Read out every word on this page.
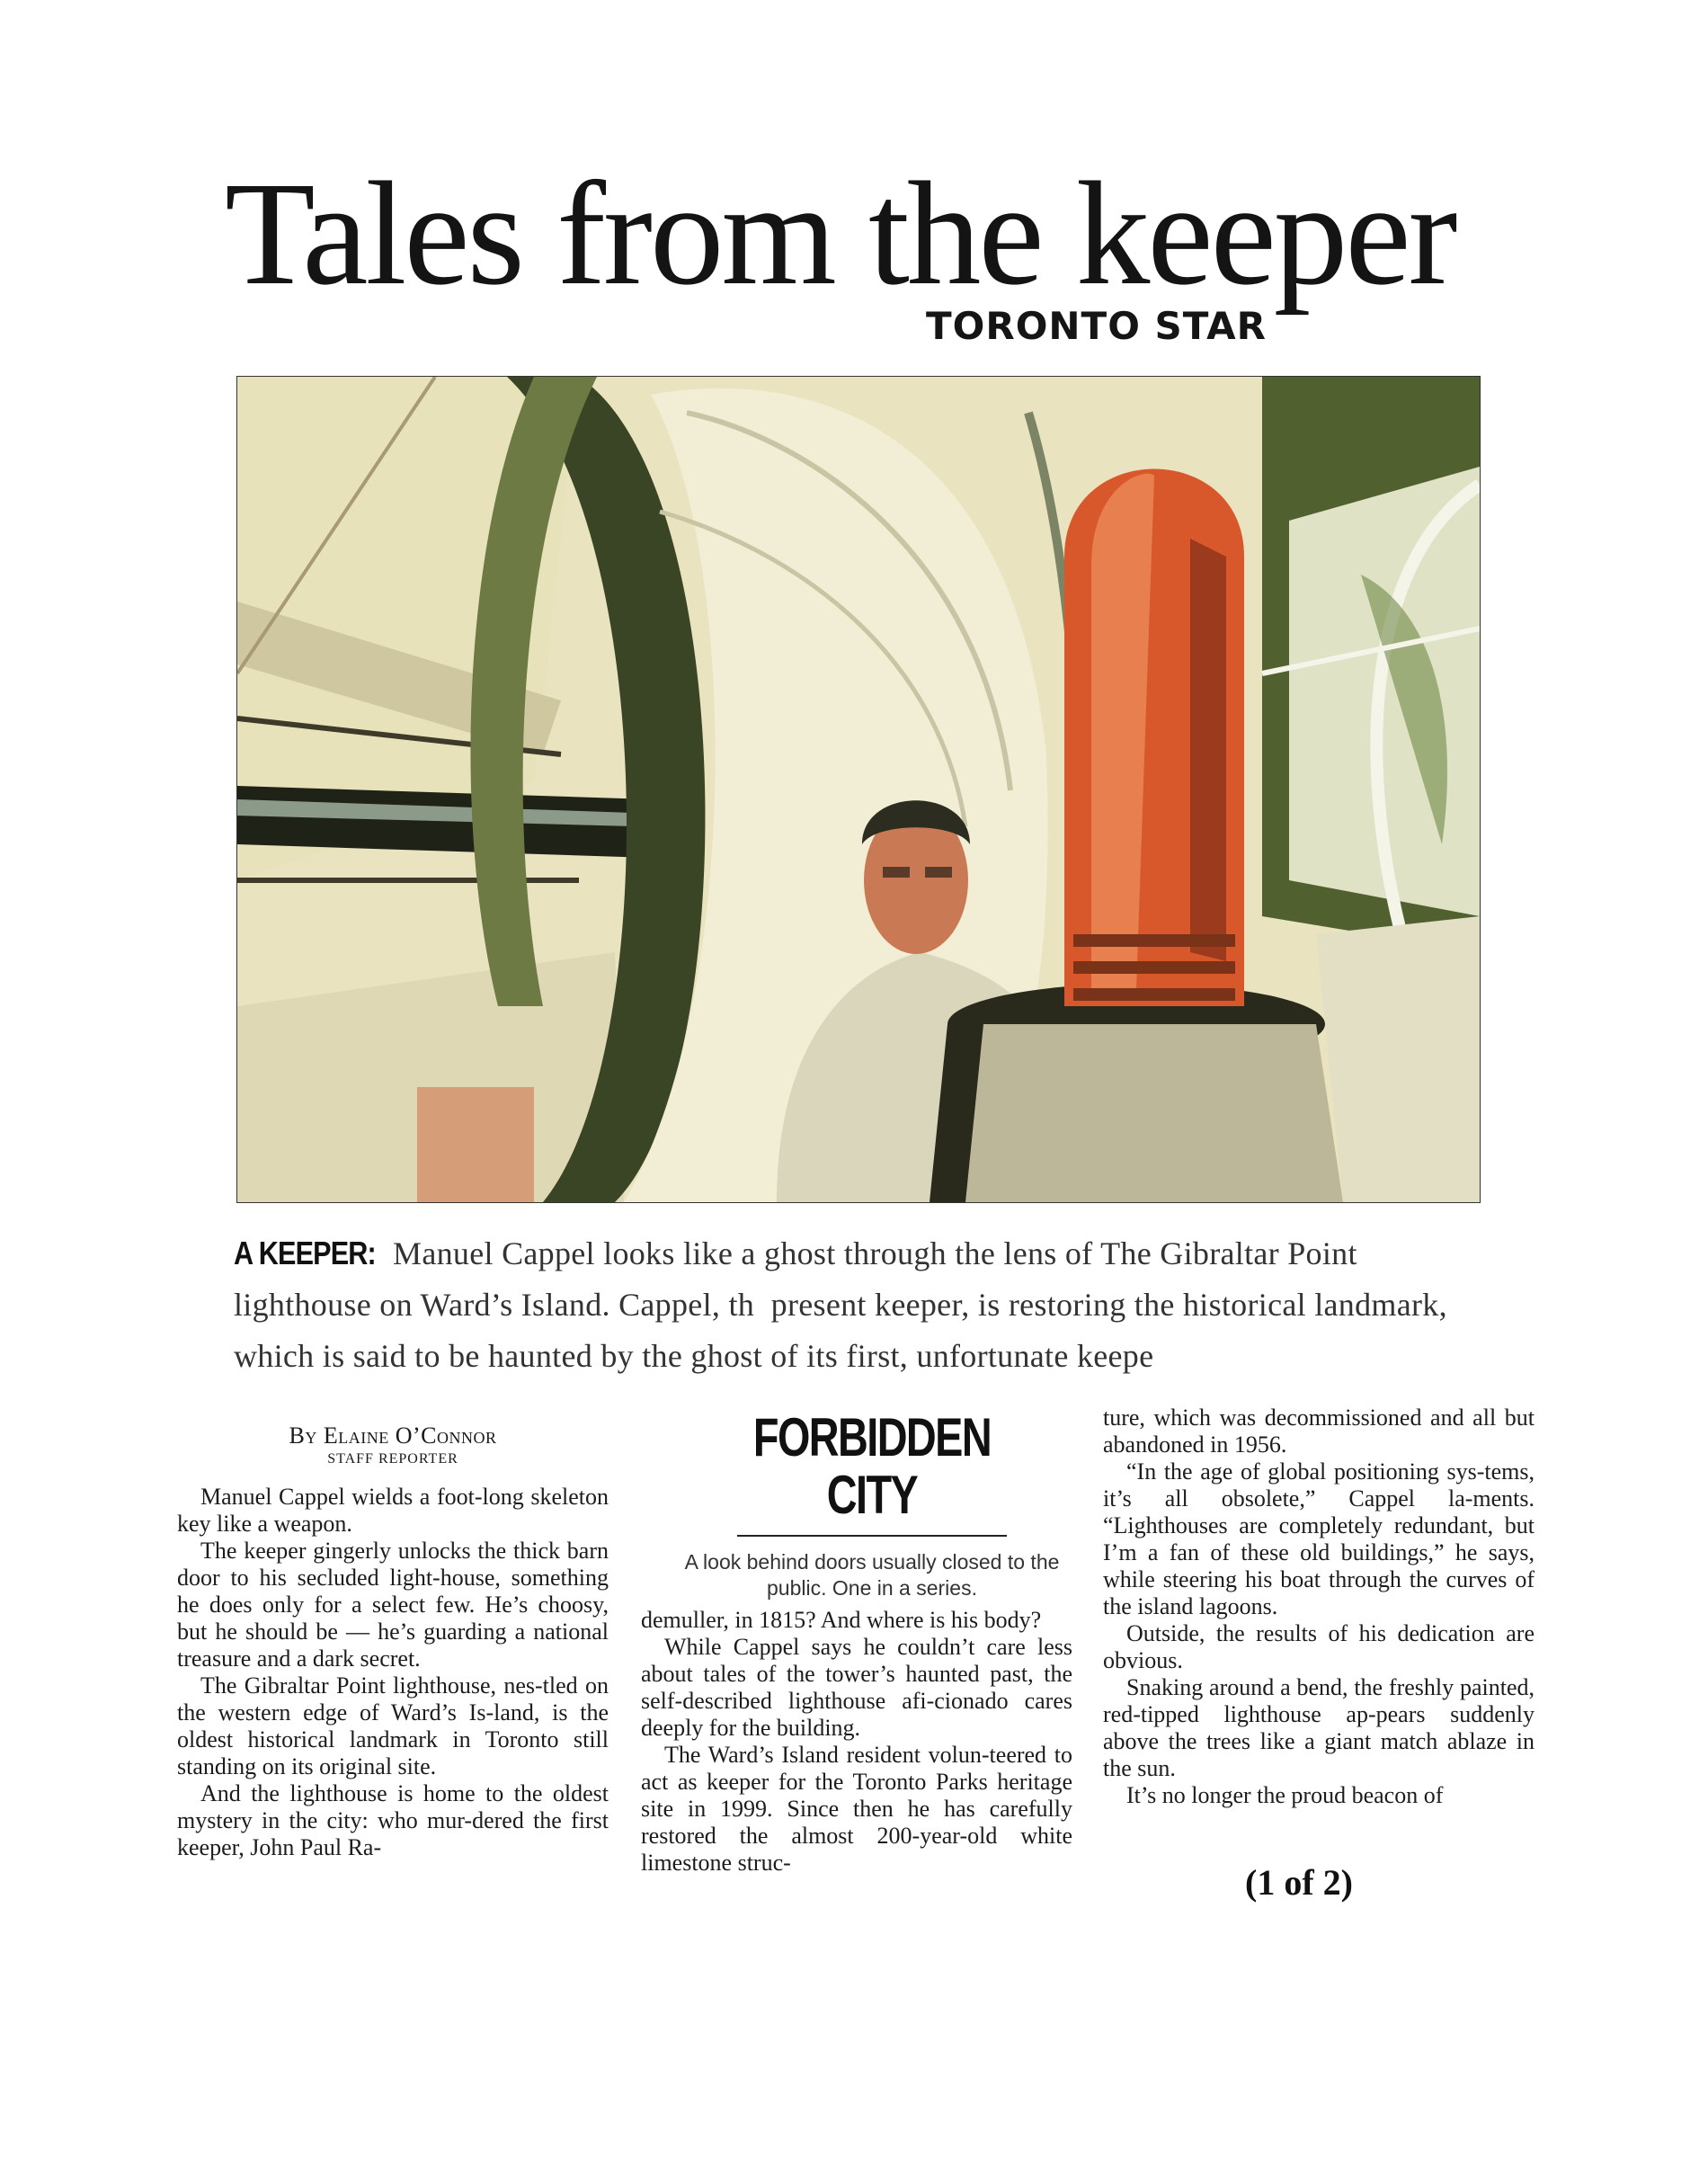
Tales from the keeper
TORONTO STAR
A KEEPER: Manuel Cappel looks like a ghost through the lens of The Gibraltar Point lighthouse on Ward’s Island. Cappel, th  present keeper, is restoring the historical landmark, which is said to be haunted by the ghost of its first, unfortunate keepe
By Elaine O’Connor
STAFF REPORTER

Manuel Cappel wields a foot-long skeleton key like a weapon.

The keeper gingerly unlocks the thick barn door to his secluded light-house, something he does only for a select few. He’s choosy, but he should be — he’s guarding a national treasure and a dark secret.

The Gibraltar Point lighthouse, nes-tled on the western edge of Ward’s Is-land, is the oldest historical landmark in Toronto still standing on its original site.

And the lighthouse is home to the oldest mystery in the city: who mur-dered the first keeper, John Paul Ra-

FORBIDDEN CITY
A look behind doors usually closed to the public. One in a series.

demuller, in 1815? And where is his body?

While Cappel says he couldn’t care less about tales of the tower’s haunted past, the self-described lighthouse afi-cionado cares deeply for the building.

The Ward’s Island resident volun-teered to act as keeper for the Toronto Parks heritage site in 1999. Since then he has carefully restored the almost 200-year-old white limestone struc-

ture, which was decommissioned and all but abandoned in 1956.

“In the age of global positioning sys-tems, it’s all obsolete,” Cappel la-ments. “Lighthouses are completely redundant, but I’m a fan of these old buildings,” he says, while steering his boat through the curves of the island lagoons.

Outside, the results of his dedication are obvious.

Snaking around a bend, the freshly painted, red-tipped lighthouse ap-pears suddenly above the trees like a giant match ablaze in the sun.

It’s no longer the proud beacon of

(1 of 2)
